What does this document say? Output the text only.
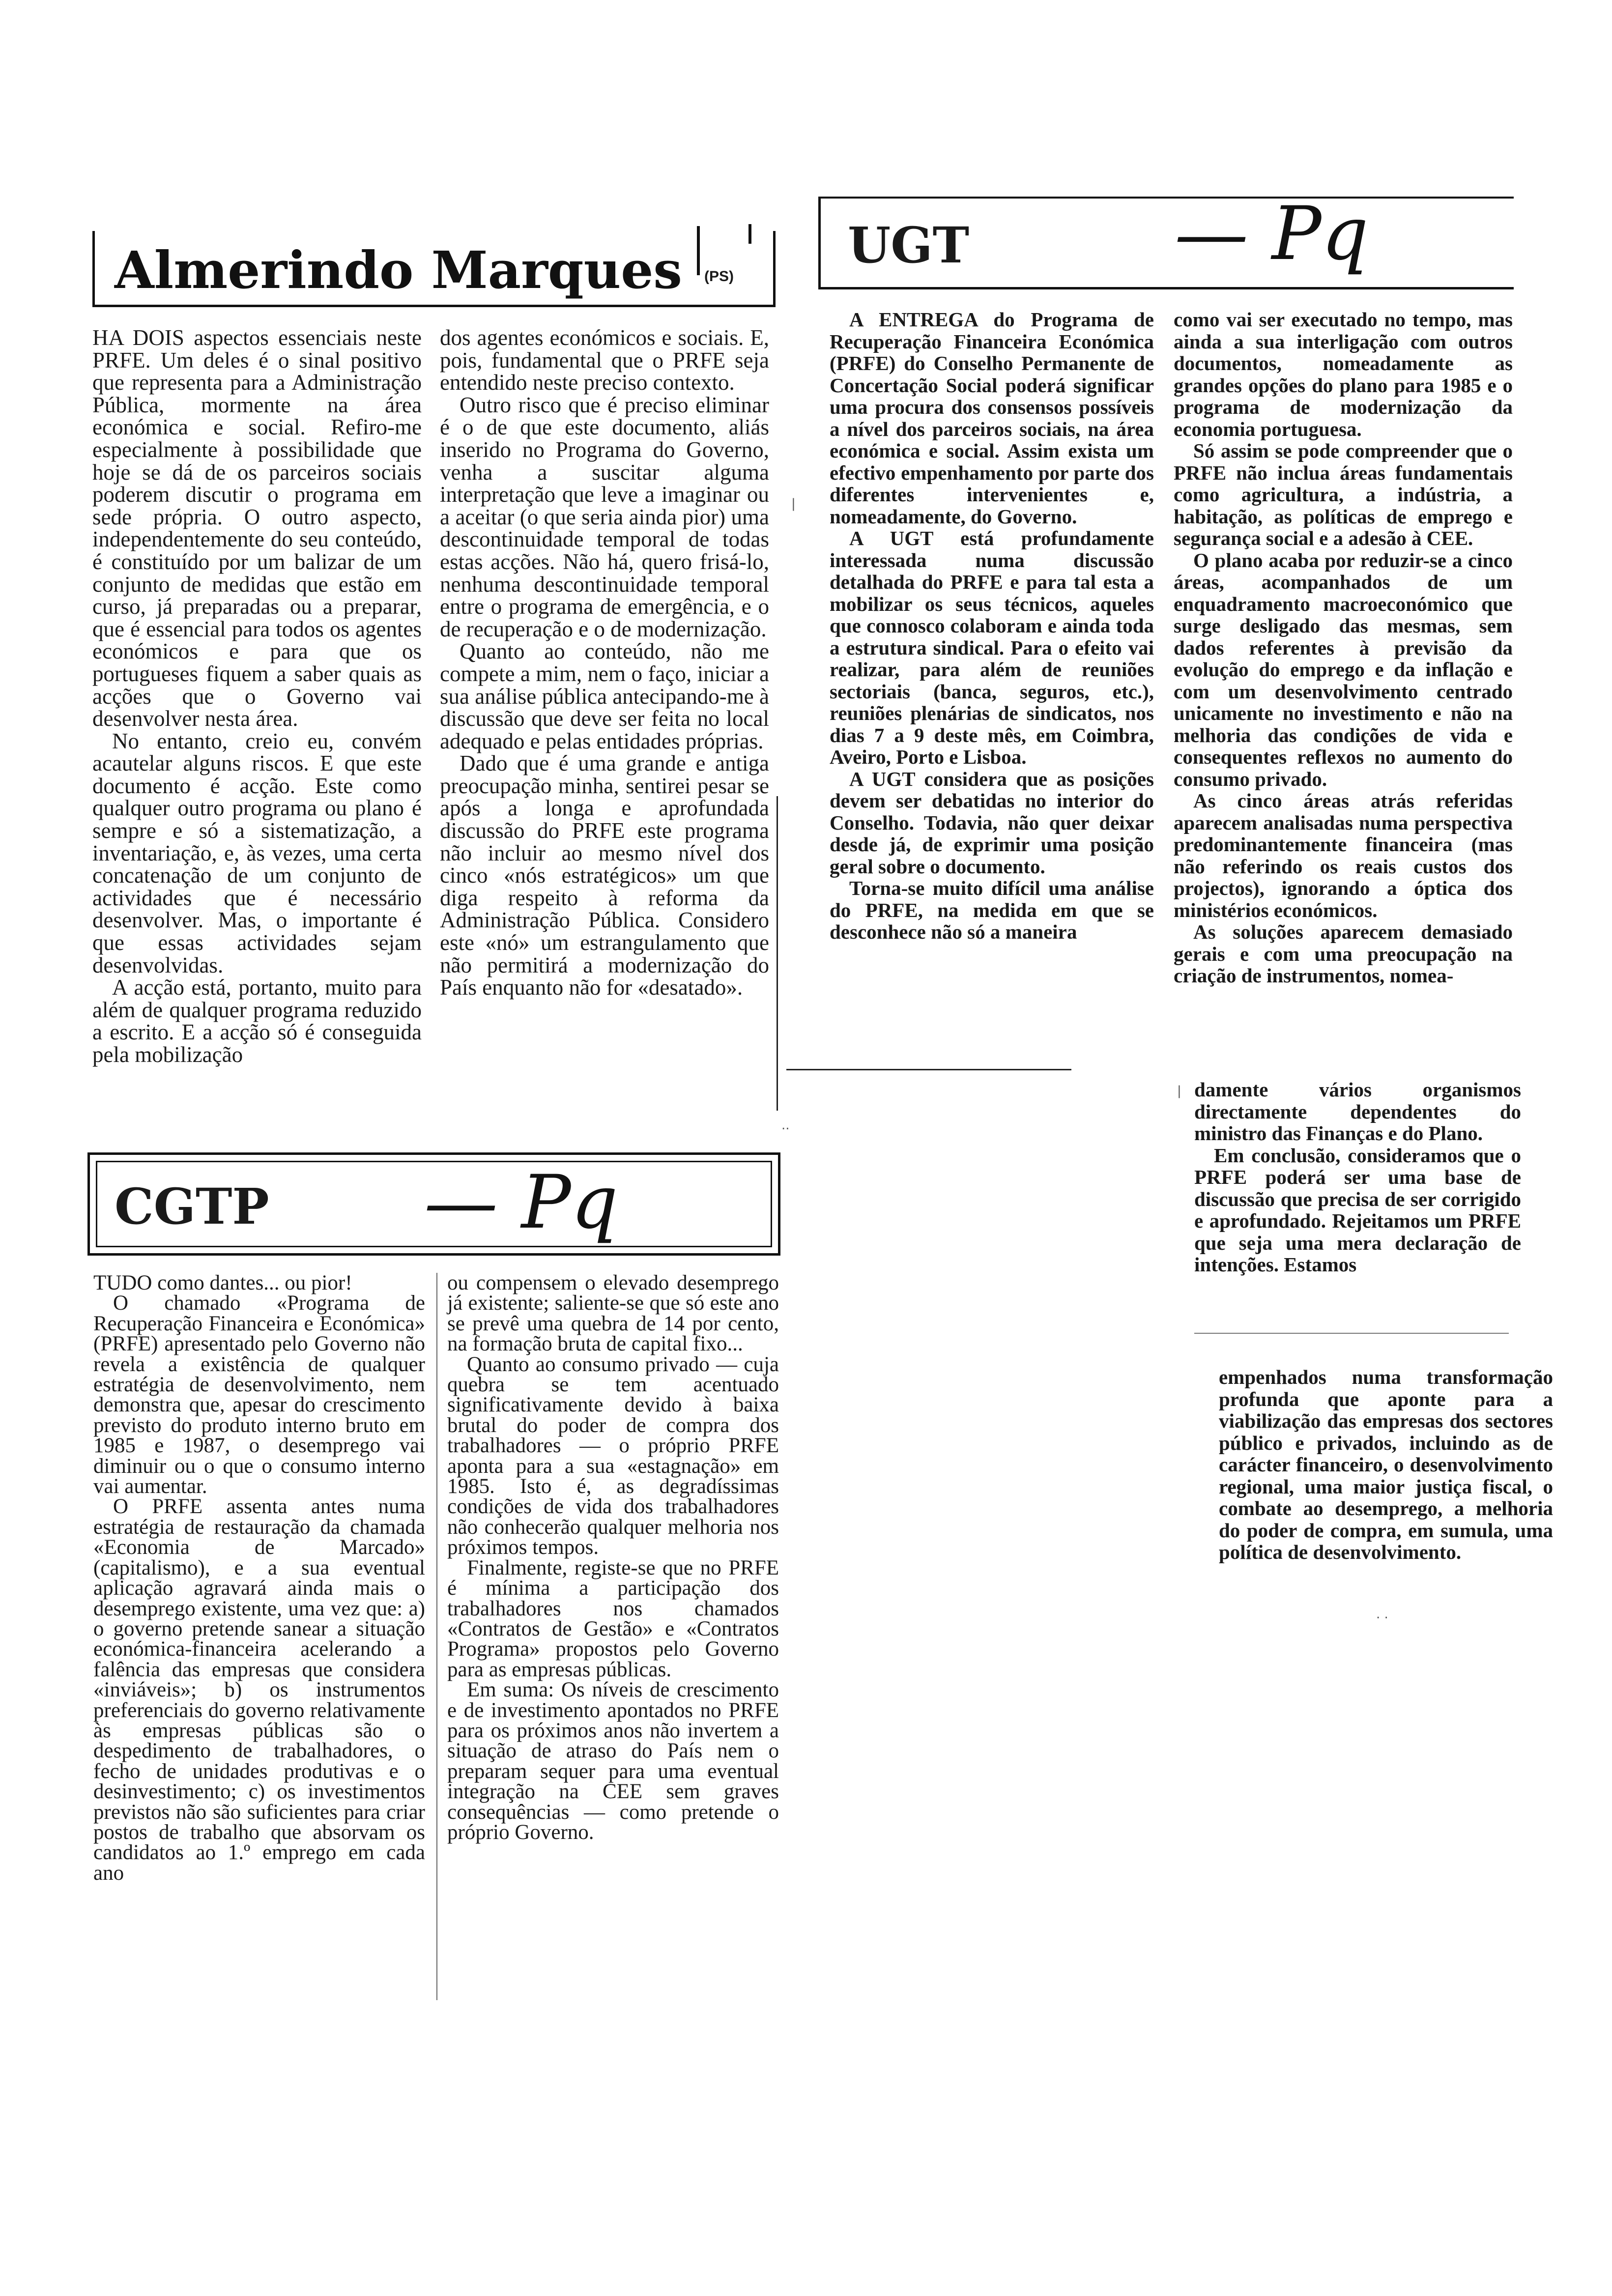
Almerindo Marques (PS)

HA DOIS aspectos essenciais neste PRFE. Um deles é o sinal positivo que representa para a Administração Pública, mormente na área económica e social. Refiro-me especialmente à possibilidade que hoje se dá de os parceiros sociais poderem discutir o programa em sede própria. O outro aspecto, independentemente do seu conteúdo, é constituído por um balizar de um conjunto de medidas que estão em curso, já preparadas ou a preparar, que é essencial para todos os agentes económicos e para que os portugueses fiquem a saber quais as acções que o Governo vai desenvolver nesta área.

No entanto, creio eu, convém acautelar alguns riscos. E que este documento é acção. Este como qualquer outro programa ou plano é sempre e só a sistematização, a inventariação, e, às vezes, uma certa concatenação de um conjunto de actividades que é necessário desenvolver. Mas, o importante é que essas actividades sejam desenvolvidas.

A acção está, portanto, muito para além de qualquer programa reduzido a escrito. E a acção só é conseguida pela mobilização

dos agentes económicos e sociais. E, pois, fundamental que o PRFE seja entendido neste preciso contexto.

Outro risco que é preciso eliminar é o de que este documento, aliás inserido no Programa do Governo, venha a suscitar alguma interpretação que leve a imaginar ou a aceitar (o que seria ainda pior) uma descontinuidade temporal de todas estas acções. Não há, quero frisá-lo, nenhuma descontinuidade temporal entre o programa de emergência, e o de recuperação e o de modernização.

Quanto ao conteúdo, não me compete a mim, nem o faço, iniciar a sua análise pública antecipando-me à discussão que deve ser feita no local adequado e pelas entidades próprias.

Dado que é uma grande e antiga preocupação minha, sentirei pesar se após a longa e aprofundada discussão do PRFE este programa não incluir ao mesmo nível dos cinco «nós estratégicos» um que diga respeito à reforma da Administração Pública. Considero este «nó» um estrangulamento que não permitirá a modernização do País enquanto não for «desatado».

UGT	— Pq

A ENTREGA do Programa de Recuperação Financeira Económica (PRFE) do Conselho Permanente de Concertação Social poderá significar uma procura dos consensos possíveis a nível dos parceiros sociais, na área económica e social. Assim exista um efectivo empenhamento por parte dos diferentes intervenientes e, nomeadamente, do Governo.

A UGT está profundamente interessada numa discussão detalhada do PRFE e para tal esta a mobilizar os seus técnicos, aqueles que connosco colaboram e ainda toda a estrutura sindical. Para o efeito vai realizar, para além de reuniões sectoriais (banca, seguros, etc.), reuniões plenárias de sindicatos, nos dias 7 a 9 deste mês, em Coimbra, Aveiro, Porto e Lisboa.

A UGT considera que as posições devem ser debatidas no interior do Conselho. Todavia, não quer deixar desde já, de exprimir uma posição geral sobre o documento.

Torna-se muito difícil uma análise do PRFE, na medida em que se desconhece não só a maneira

como vai ser executado no tempo, mas ainda a sua interligação com outros documentos, nomeadamente as grandes opções do plano para 1985 e o programa de modernização da economia portuguesa.

Só assim se pode compreender que o PRFE não inclua áreas fundamentais como agricultura, a indústria, a habitação, as políticas de emprego e segurança social e a adesão à CEE.

O plano acaba por reduzir-se a cinco áreas, acompanhados de um enquadramento macroeconómico que surge desligado das mesmas, sem dados referentes à previsão da evolução do emprego e da inflação e com um desenvolvimento centrado unicamente no investimento e não na melhoria das condições de vida e consequentes reflexos no aumento do consumo privado.

As cinco áreas atrás referidas aparecem analisadas numa perspectiva predominantemente financeira (mas não referindo os reais custos dos projectos), ignorando a óptica dos ministérios económicos.

As soluções aparecem demasiado gerais e com uma preocupação na criação de instrumentos, nomea-

damente vários organismos directamente dependentes do ministro das Finanças e do Plano.

Em conclusão, consideramos que o PRFE poderá ser uma base de discussão que precisa de ser corrigido e aprofundado. Rejeitamos um PRFE que seja uma mera declaração de intenções. Estamos

empenhados numa transformação profunda que aponte para a viabilização das empresas dos sectores público e privados, incluindo as de carácter financeiro, o desenvolvimento regional, uma maior justiça fiscal, o combate ao desemprego, a melhoria do poder de compra, em sumula, uma política de desenvolvimento.

CGTP — Pq

TUDO como dantes... ou pior!

O chamado «Programa de Recuperação Financeira e Económica» (PRFE) apresentado pelo Governo não revela a existência de qualquer estratégia de desenvolvimento, nem demonstra que, apesar do crescimento previsto do produto interno bruto em 1985 e 1987, o desemprego vai diminuir ou o que o consumo interno vai aumentar.

O PRFE assenta antes numa estratégia de restauração da chamada «Economia de Marcado» (capitalismo), e a sua eventual aplicação agravará ainda mais o desemprego existente, uma vez que: a) o governo pretende sanear a situação económica-financeira acelerando a falência das empresas que considera «inviáveis»; b) os instrumentos preferenciais do governo relativamente às empresas públicas são o despedimento de trabalhadores, o fecho de unidades produtivas e o desinvestimento; c) os investimentos previstos não são suficientes para criar postos de trabalho que absorvam os candidatos ao 1.º emprego em cada ano

ou compensem o elevado desemprego já existente; saliente-se que só este ano se prevê uma quebra de 14 por cento, na formação bruta de capital fixo...

Quanto ao consumo privado — cuja quebra se tem acentuado significativamente devido à baixa brutal do poder de compra dos trabalhadores — o próprio PRFE aponta para a sua «estagnação» em 1985. Isto é, as degradíssimas condições de vida dos trabalhadores não conhecerão qualquer melhoria nos próximos tempos.

Finalmente, registe-se que no PRFE é mínima a participação dos trabalhadores nos chamados «Contratos de Gestão» e «Contratos Programa» propostos pelo Governo para as empresas públicas.

Em suma: Os níveis de crescimento e de investimento apontados no PRFE para os próximos anos não invertem a situação de atraso do País nem o preparam sequer para uma eventual integração na CEE sem graves consequências — como pretende o próprio Governo.

|
..
|
. .
